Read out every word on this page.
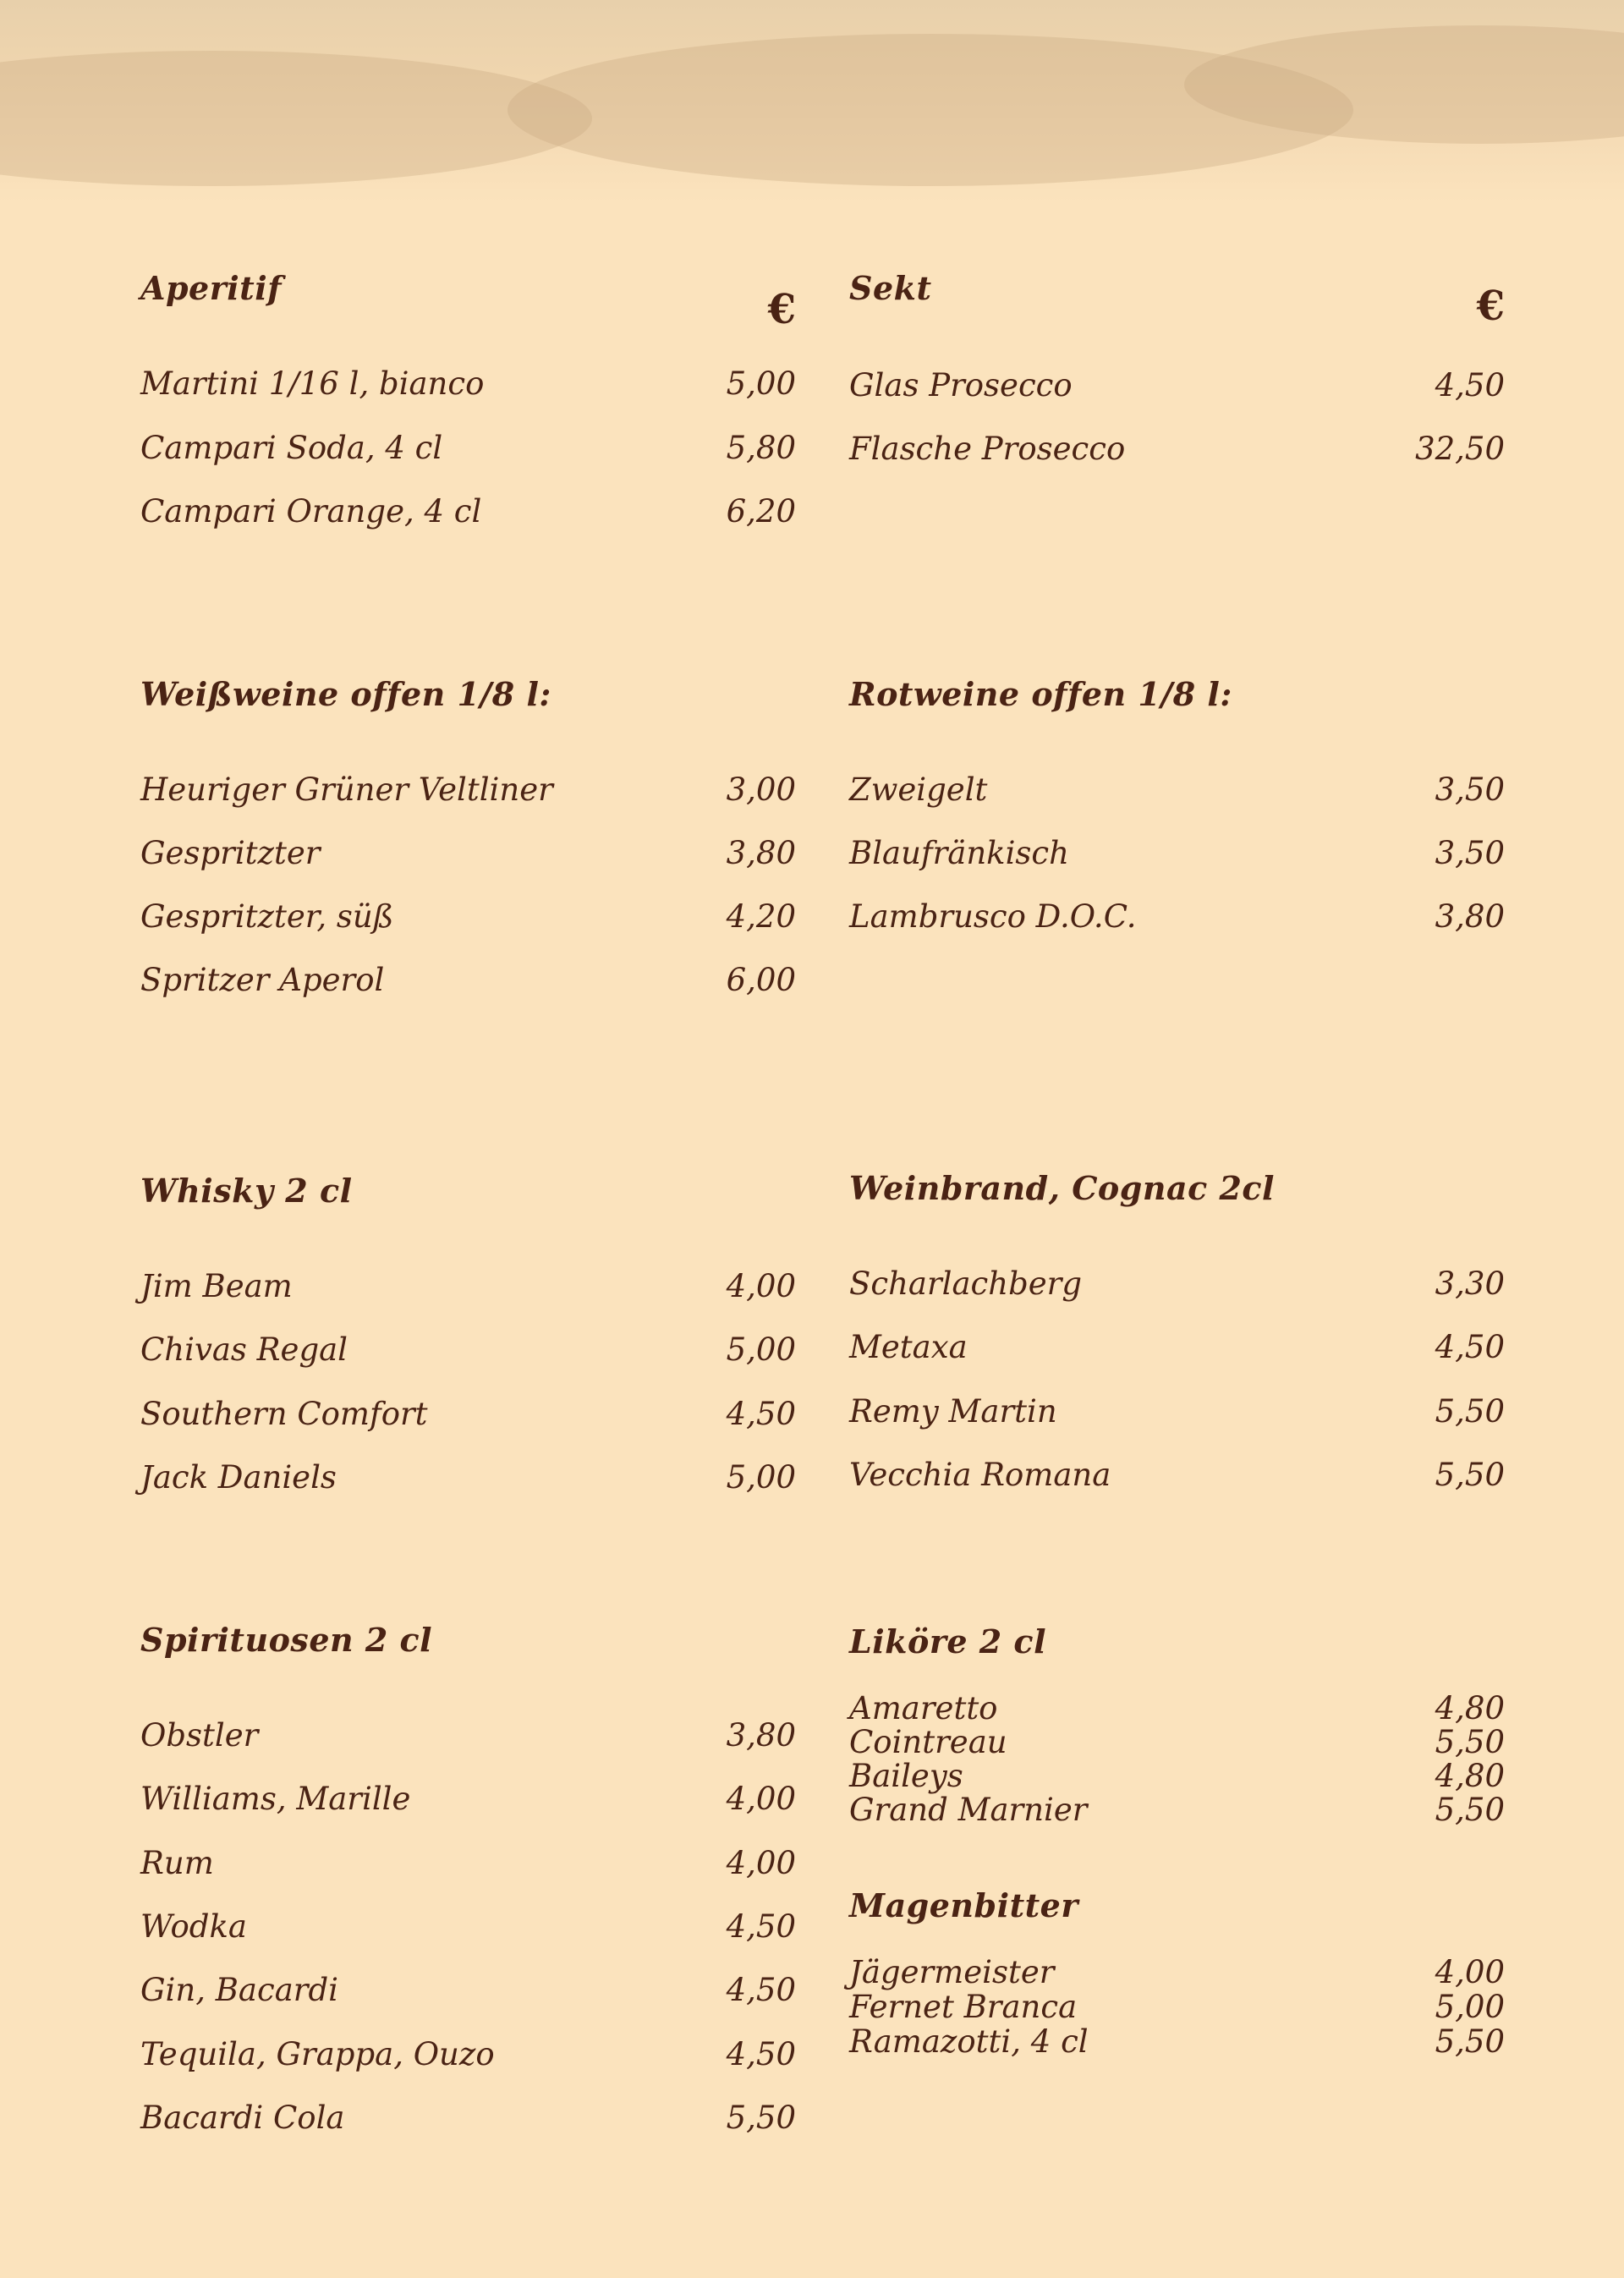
Aperitif	€
Martini 1/16 l, bianco	5,00
Campari Soda, 4 cl	5,80
Campari Orange, 4 cl	6,20
Weißweine offen 1/8 l:
Heuriger Grüner Veltliner	3,00
Gespritzter	3,80
Gespritzter, süß	4,20
Spritzer Aperol	6,00
Whisky 2 cl
Jim Beam	4,00
Chivas Regal	5,00
Southern Comfort	4,50
Jack Daniels	5,00
Spirituosen 2 cl
Obstler	3,80
Williams, Marille	4,00
Rum	4,00
Wodka	4,50
Gin, Bacardi	4,50
Tequila, Grappa, Ouzo	4,50
Bacardi Cola	5,50
Sekt	€
Glas Prosecco	4,50
Flasche Prosecco	32,50
Rotweine offen 1/8 l:
Zweigelt	3,50
Blaufränkisch	3,50
Lambrusco D.O.C.	3,80
Weinbrand, Cognac 2cl
Scharlachberg	3,30
Metaxa	4,50
Remy Martin	5,50
Vecchia Romana	5,50
Liköre 2 cl
Amaretto	4,80
Cointreau	5,50
Baileys	4,80
Grand Marnier	5,50
Magenbitter
Jägermeister	4,00
Fernet Branca	5,00
Ramazotti, 4 cl	5,50
